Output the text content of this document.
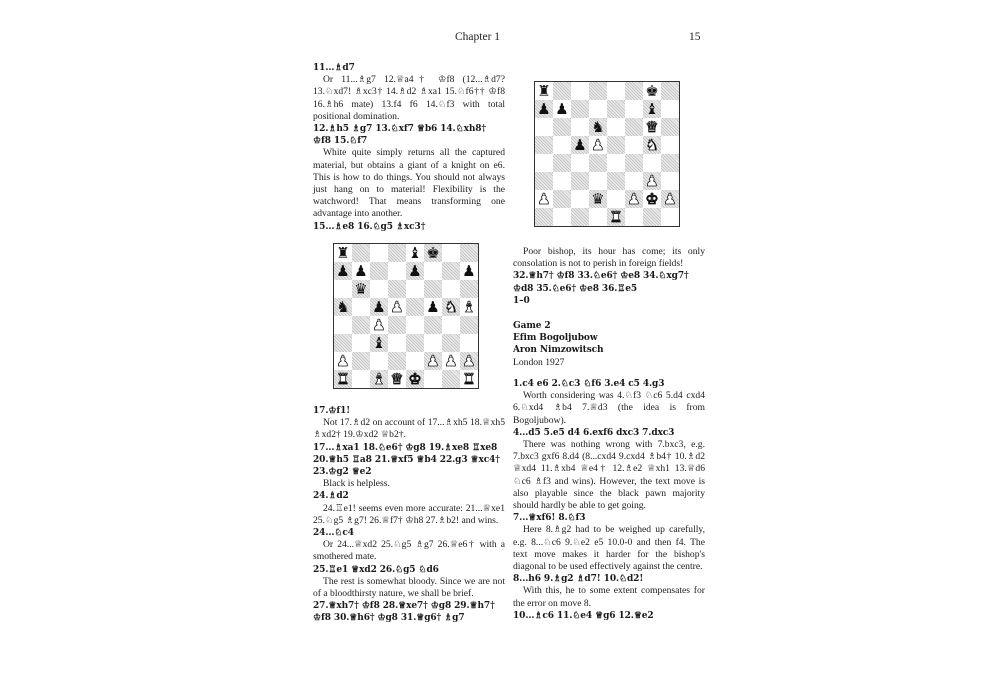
Chapter 1	15

11...♗d7

Or 11...♗g7 12.♕a4† ♔f8 (12...♗d7? 13.♘xd7! ♗xc3† 14.♗d2 ♗xa1 15.♘f6†† ♔f8 16.♗h6 mate) 13.f4 f6 14.♘f3 with total positional domination.

12.♗h5 ♗g7 13.♘xf7 ♕b6 14.♘xh8† ♔f8 15.♘f7

White quite simply returns all the captured material, but obtains a giant of a knight on e6. This is how to do things. You should not always just hang on to material! Flexibility is the watchword! That means transforming one advantage into another.

15...♗e8 16.♘g5 ♗xc3†

♜	♝ ♚
♟ ♟	♟	♟
♛
♞ ♟ ♟ ♟ ♞ ♝
♟
♝
♟	♟ ♟ ♟
♜ ♝ ♛ ♚	♜

17.♔f1!

Not 17.♗d2 on account of 17...♗xh5 18.♕xh5 ♗xd2† 19.♔xd2 ♕b2†.

17...♗xa1 18.♘e6† ♔g8 19.♗xe8 ♖xe8 20.♕h5 ♖a8 21.♕xf5 ♕b4 22.g3 ♕xc4† 23.♔g2 ♕e2

Black is helpless.

24.♗d2

24.♖e1! seems even more accurate: 21...♕xe1 25.♘g5 ♗g7! 26.♕f7† ♔h8 27.♗b2! and wins.

24...♘c4

Or 24...♕xd2 25.♘g5 ♗g7 26.♕e6† with a smothered mate.

25.♖e1 ♕xd2 26.♘g5 ♘d6

The rest is somewhat bloody. Since we are not of a bloodthirsty nature, we shall be brief.

27.♕xh7† ♔f8 28.♕xe7† ♔g8 29.♕h7† ♔f8 30.♕h6† ♔g8 31.♕g6† ♗g7

♜	♚
♟ ♟	♝
♞	♛
♟ ♟	♞
♟
♟	♛ ♟ ♚ ♟
♜

Poor bishop, its hour has come; its only consolation is not to perish in foreign fields!

32.♕h7† ♔f8 33.♘e6† ♔e8 34.♘xg7† ♔d8 35.♘e6† ♔e8 36.♖e5

1–0

Game 2

Efim Bogoljubow

Aron Nimzowitsch

London 1927

1.c4 e6 2.♘c3 ♘f6 3.e4 c5 4.g3

Worth considering was 4.♘f3 ♘c6 5.d4 cxd4 6.♘xd4 ♗b4 7.♕d3 (the idea is from Bogoljubow).

4...d5 5.e5 d4 6.exf6 dxc3 7.dxc3

There was nothing wrong with 7.bxc3, e.g. 7.bxc3 gxf6 8.d4 (8...cxd4 9.cxd4 ♗b4† 10.♗d2 ♕xd4 11.♗xb4 ♕e4† 12.♗e2 ♕xh1 13.♕d6 ♘c6 ♗f3 and wins). However, the text move is also playable since the black pawn majority should hardly be able to get going.

7...♕xf6! 8.♘f3

Here 8.♗g2 had to be weighed up carefully, e.g. 8...♘c6 9.♘e2 e5 10.0-0 and then f4. The text move makes it harder for the bishop's diagonal to be used effectively against the centre.

8...h6 9.♗g2 ♗d7! 10.♘d2!

With this, he to some extent compensates for the error on move 8.

10...♗c6 11.♘e4 ♕g6 12.♕e2
